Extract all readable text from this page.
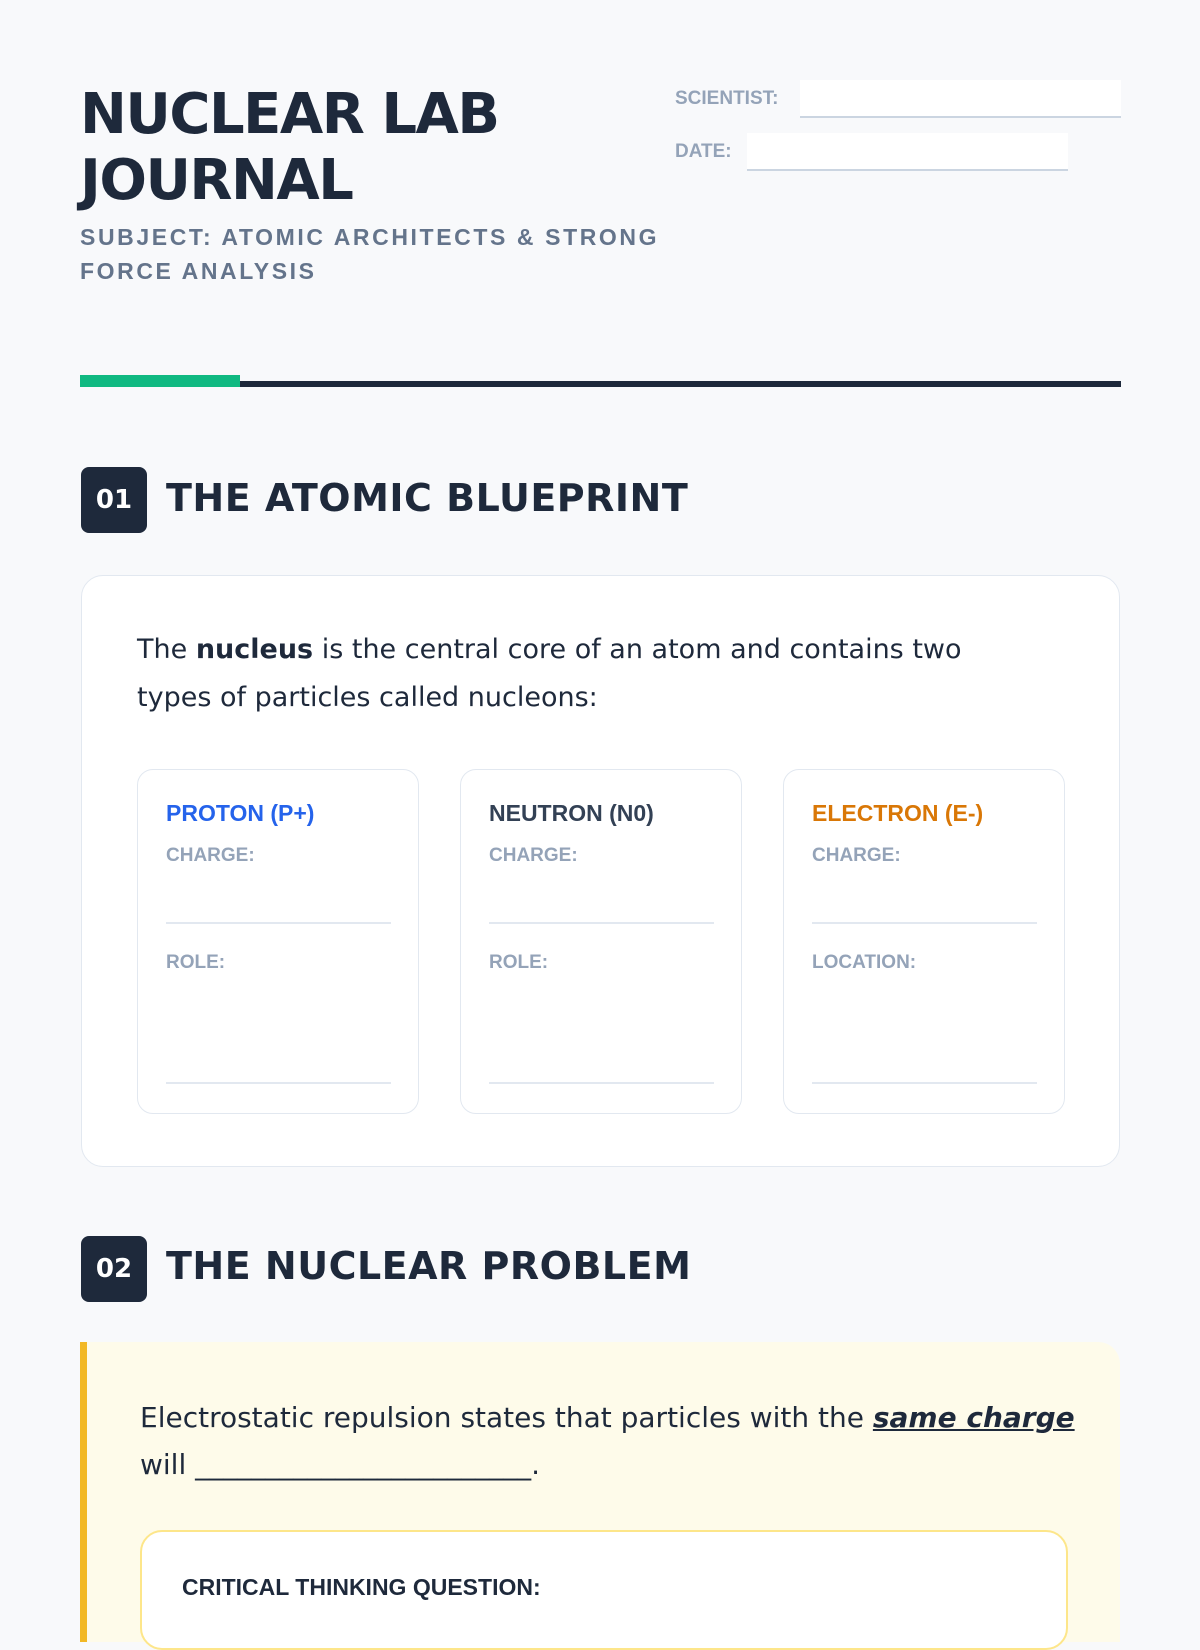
NUCLEAR LAB
JOURNAL
SUBJECT: ATOMIC ARCHITECTS & STRONG FORCE ANALYSIS
SCIENTIST:
DATE:
01 THE ATOMIC BLUEPRINT
The nucleus is the central core of an atom and contains two types of particles called nucleons:
PROTON (P+)
CHARGE:
ROLE:
NEUTRON (N0)
CHARGE:
ROLE:
ELECTRON (E-)
CHARGE:
LOCATION:
02 THE NUCLEAR PROBLEM
Electrostatic repulsion states that particles with the same charge will ________________________.
CRITICAL THINKING QUESTION:
